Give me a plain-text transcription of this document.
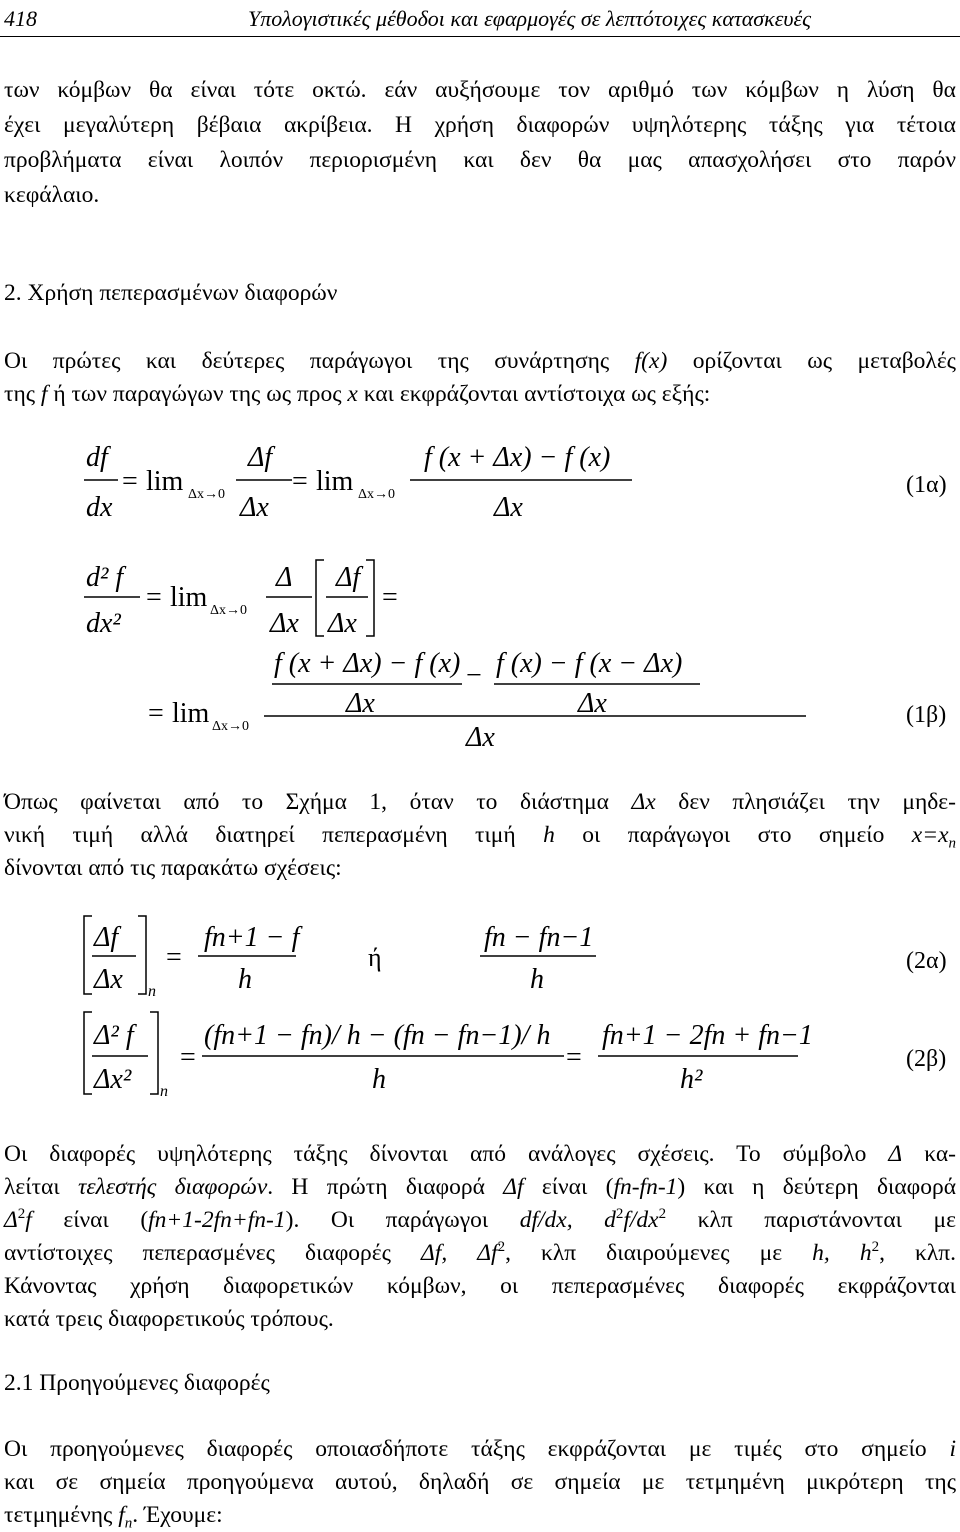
418	Υπολογιστικές μέθοδοι και εφαρμογές σε λεπτότοιχες κατασκευές

των κόμβων θα είναι τότε οκτώ. εάν αυξήσουμε τον αριθμό των κόμβων η λύση θα

έχει μεγαλύτερη βέβαια ακρίβεια. Η χρήση διαφορών υψηλότερης τάξης για τέτοια

προβλήματα είναι λοιπόν περιορισμένη και δεν θα μας απασχολήσει στο παρόν

κεφάλαιο.

2. Χρήση πεπερασμένων διαφορών

Οι πρώτες και δεύτερες παράγωγοι της συνάρτησης f(x) ορίζονται ως μεταβολές

της f ή των παραγώγων της ως προς x και εκφράζονται αντίστοιχα ως εξής:

df
dx
= lim Δx→0
Δf
Δx
= lim Δx→0
f (x + Δx) − f (x)
Δx
(1α)
d² f
dx²
= lim Δx→0
Δ
Δx
Δf
Δx
=
f (x + Δx) − f (x)
Δx
− f (x) − f (x − Δx)
Δx
Δx
= lim Δx→0	(1β)

Όπως φαίνεται από το Σχήμα 1, όταν το διάστημα Δx δεν πλησιάζει την μηδε-

νική τιμή αλλά διατηρεί πεπερασμένη τιμή h οι παράγωγοι στο σημείο $x=x_n$

δίνονται από τις παρακάτω σχέσεις:

Δf
Δx n
=
fn+1 − f
h
ή
fn − fn−1
h
(2α)
Δ² f
Δx² n
=
(fn+1 − fn)/ h − (fn − fn−1)/ h
h
=
fn+1 − 2fn + fn−1
h²
(2β)

Οι διαφορές υψηλότερης τάξης δίνονται από ανάλογες σχέσεις. Το σύμβολο Δ κα-

λείται τελεστής διαφορών. Η πρώτη διαφορά Δf είναι (fn-fn-1) και η δεύτερη διαφορά

$\Delta^2f$ είναι (fn+1-2fn+fn-1). Οι παράγωγοι df/dx, $d^2f/dx^2$ κλπ παριστάνονται με

αντίστοιχες πεπερασμένες διαφορές Δf, $\Delta f^2$, κλπ διαιρούμενες με h, $h^2$, κλπ.

Κάνοντας χρήση διαφορετικών κόμβων, οι πεπερασμένες διαφορές εκφράζονται

κατά τρεις διαφορετικούς τρόπους.

2.1 Προηγούμενες διαφορές

Οι προηγούμενες διαφορές οποιασδήποτε τάξης εκφράζονται με τιμές στο σημείο i

και σε σημεία προηγούμενα αυτού, δηλαδή σε σημεία με τετμημένη μικρότερη της

τετμημένης $f_n$. Έχουμε:
